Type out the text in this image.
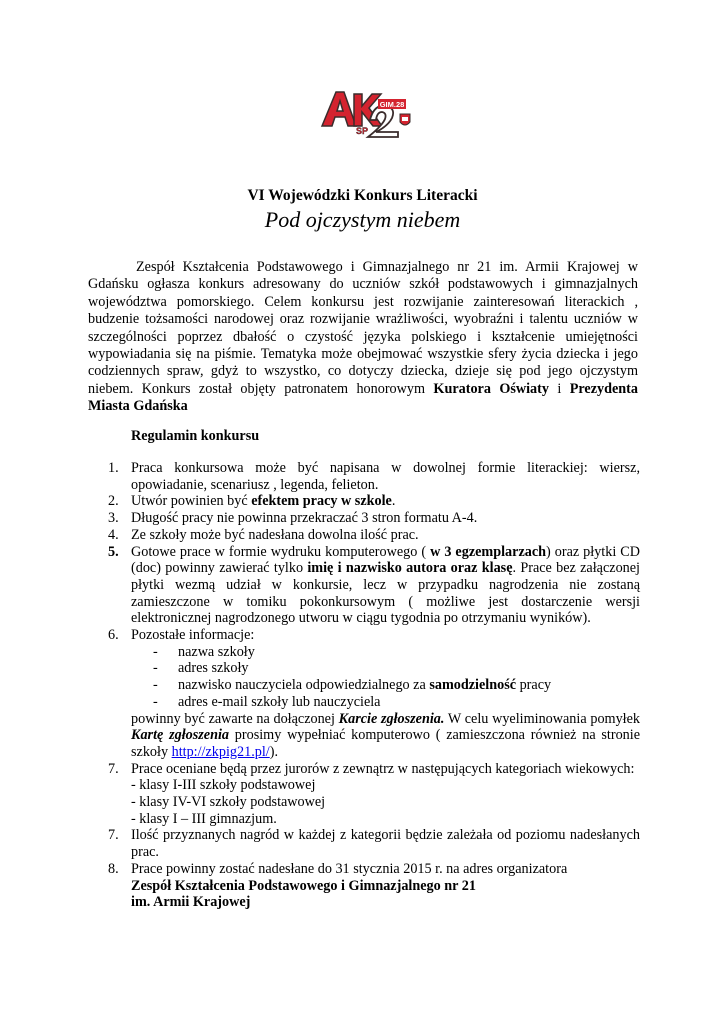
GIM.28
SP
VI Wojewódzki Konkurs Literacki
Pod ojczystym niebem
Zespół Kształcenia Podstawowego i Gimnazjalnego nr 21 im. Armii Krajowej w Gdańsku ogłasza konkurs adresowany do uczniów szkół podstawowych i gimnazjalnych województwa pomorskiego. Celem konkursu jest rozwijanie zainteresowań literackich , budzenie tożsamości narodowej oraz rozwijanie wrażliwości, wyobraźni i talentu uczniów w szczególności poprzez dbałość o czystość języka polskiego i kształcenie umiejętności wypowiadania się na piśmie. Tematyka może obejmować wszystkie sfery życia dziecka i jego codziennych spraw, gdyż to wszystko, co dotyczy dziecka, dzieje się pod jego ojczystym niebem. Konkurs został objęty patronatem honorowym Kuratora Oświaty i Prezydenta Miasta Gdańska
Regulamin konkursu
1. Praca konkursowa może być napisana w dowolnej formie literackiej: wiersz, opowiadanie, scenariusz , legenda, felieton.
2. Utwór powinien być efektem pracy w szkole.
3. Długość pracy nie powinna przekraczać 3 stron formatu A-4.
4. Ze szkoły może być nadesłana dowolna ilość prac.
5. Gotowe prace w formie wydruku komputerowego ( w 3 egzemplarzach) oraz płytki CD (doc) powinny zawierać tylko imię i nazwisko autora oraz klasę. Prace bez załączonej płytki wezmą udział w konkursie, lecz w przypadku nagrodzenia nie zostaną zamieszczone w tomiku pokonkursowym ( możliwe jest dostarczenie wersji elektronicznej nagrodzonego utworu w ciągu tygodnia po otrzymaniu wyników).
6. Pozostałe informacje:
- nazwa szkoły
- adres szkoły
- nazwisko nauczyciela odpowiedzialnego za samodzielność pracy
- adres e-mail szkoły lub nauczyciela
powinny być zawarte na dołączonej Karcie zgłoszenia. W celu wyeliminowania pomyłek Kartę zgłoszenia prosimy wypełniać komputerowo ( zamieszczona również na stronie szkoły http://zkpig21.pl/).
7. Prace oceniane będą przez jurorów z zewnątrz w następujących kategoriach wiekowych:
- klasy I-III szkoły podstawowej
- klasy IV-VI szkoły podstawowej
- klasy I – III gimnazjum.
7. Ilość przyznanych nagród w każdej z kategorii będzie zależała od poziomu nadesłanych prac.
8. Prace powinny zostać nadesłane do 31 stycznia 2015 r. na adres organizatora
Zespół Kształcenia Podstawowego i Gimnazjalnego nr 21
im. Armii Krajowej
